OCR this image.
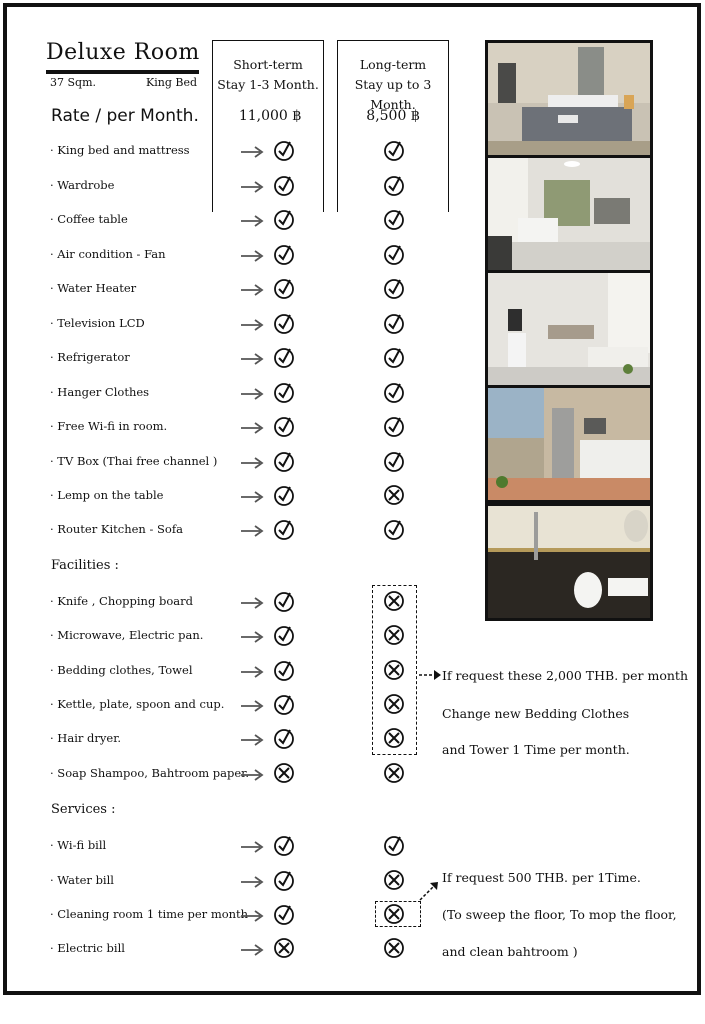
Deluxe Room
37 Sqm.	King Bed
Rate / per Month.
Short-term
Stay 1-3 Month.
Long-term
Stay up to 3 Month.
11,000 ฿	8,500 ฿
· King bed and mattress
· Wardrobe
· Coffee table
· Air condition - Fan
· Water Heater
· Television LCD
· Refrigerator
· Hanger Clothes
· Free Wi-fi in room.
· TV Box (Thai free channel )
· Lemp on the table
· Router Kitchen - Sofa
· Knife , Chopping board
· Microwave, Electric pan.
· Bedding clothes, Towel
· Kettle, plate, spoon and cup.
· Hair dryer.
· Soap Shampoo, Bahtroom paper.
· Wi-fi bill
· Water bill
· Cleaning room 1 time per month
· Electric bill
Facilities :
Services :
If request these 2,000 THB. per month
Change new Bedding Clothes
and Tower 1 Time per month.
If request 500 THB. per 1Time.
(To sweep the floor, To mop the floor,
and clean bahtroom )
